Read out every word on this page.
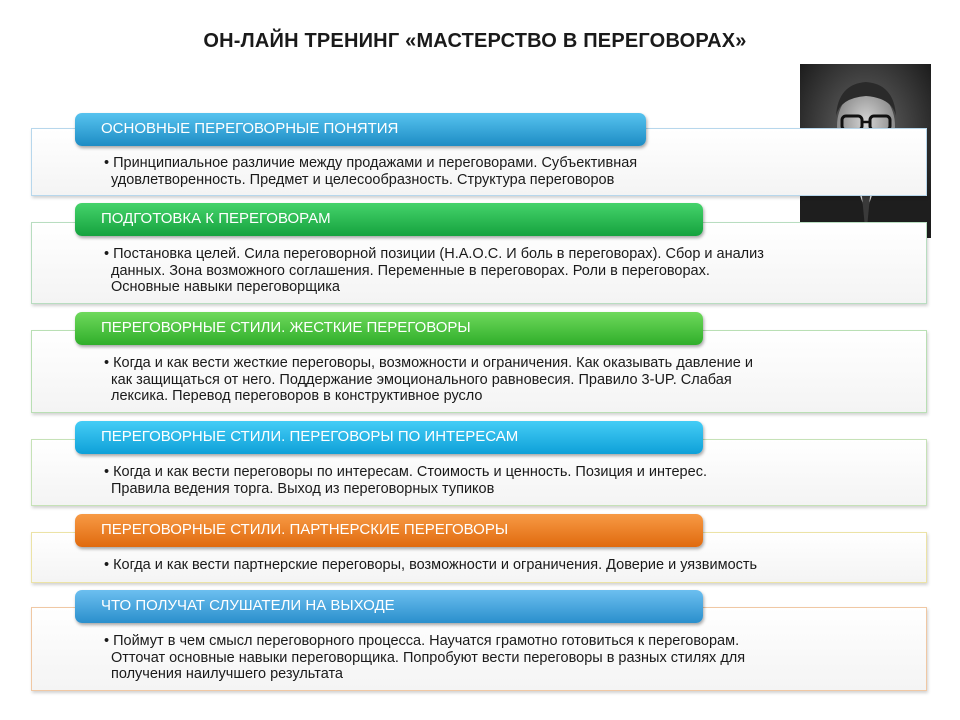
ОН-ЛАЙН ТРЕНИНГ «МАСТЕРСТВО В ПЕРЕГОВОРАХ»
ОСНОВНЫЕ ПЕРЕГОВОРНЫЕ ПОНЯТИЯ
• Принципиальное различие между продажами и переговорами. Субъективная
удовлетворенность. Предмет и целесообразность. Структура переговоров
ПОДГОТОВКА К ПЕРЕГОВОРАМ
• Постановка целей. Сила переговорной позиции (Н.А.О.С. И боль в переговорах). Сбор и анализ
данных. Зона возможного соглашения. Переменные в переговорах. Роли в переговорах.
Основные навыки переговорщика
ПЕРЕГОВОРНЫЕ СТИЛИ. ЖЕСТКИЕ ПЕРЕГОВОРЫ
• Когда и как вести жесткие переговоры, возможности и ограничения. Как оказывать давление и
как защищаться от него. Поддержание эмоционального равновесия. Правило 3-UP. Слабая
лексика. Перевод переговоров в конструктивное русло
ПЕРЕГОВОРНЫЕ СТИЛИ. ПЕРЕГОВОРЫ ПО ИНТЕРЕСАМ
• Когда и как вести переговоры по интересам. Стоимость и ценность. Позиция и интерес.
Правила ведения торга. Выход из переговорных тупиков
ПЕРЕГОВОРНЫЕ СТИЛИ. ПАРТНЕРСКИЕ ПЕРЕГОВОРЫ
• Когда и как вести партнерские переговоры, возможности и ограничения. Доверие и уязвимость
ЧТО ПОЛУЧАТ СЛУШАТЕЛИ НА ВЫХОДЕ
• Поймут в чем смысл переговорного процесса. Научатся грамотно готовиться к переговорам.
Отточат основные навыки переговорщика. Попробуют вести переговоры в разных стилях для
получения наилучшего результата
